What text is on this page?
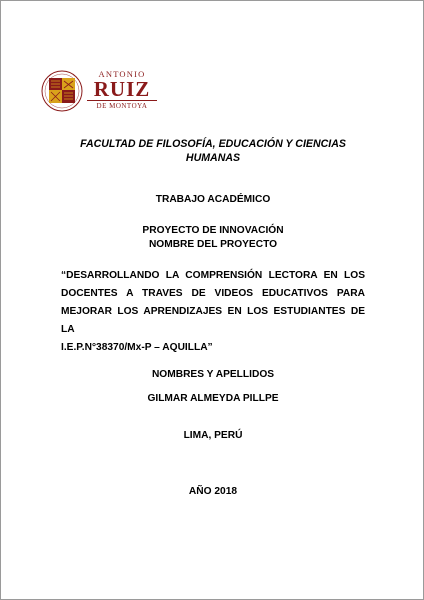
ANTONIO
RUIZ
DE MONTOYA
FACULTAD DE FILOSOFÍA, EDUCACIÓN Y CIENCIAS
HUMANAS
TRABAJO ACADÉMICO
PROYECTO DE INNOVACIÓN
NOMBRE DEL PROYECTO
“DESARROLLANDO LA COMPRENSIÓN LECTORA EN LOS
DOCENTES A TRAVES DE VIDEOS EDUCATIVOS PARA
MEJORAR LOS APRENDIZAJES EN LOS ESTUDIANTES DE LA
I.E.P.N°38370/Mx-P – AQUILLA”
NOMBRES Y APELLIDOS
GILMAR ALMEYDA PILLPE
LIMA, PERÚ
AÑO 2018
